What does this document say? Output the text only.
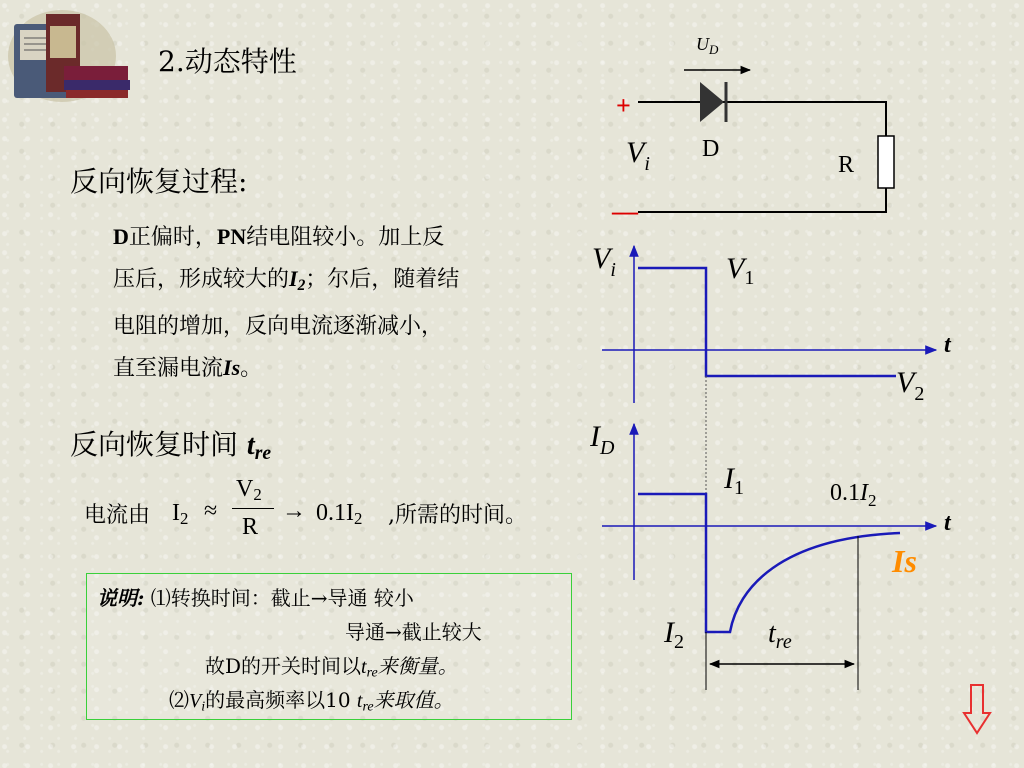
2.动态特性
反向恢复过程:
D正偏时，PN结电阻较小。加上反
压后，形成较大的$I_2$；尔后，随着结
电阻的增加，反向电流逐渐减小，
直至漏电流Is。
反向恢复时间 $t_{re}$
电流由 $I_2$ ≈
$V_2$
R
→ $0.1I_2$ ,所需的时间。
说明: ⑴转换时间：截止→导通 较小
导通→截止较大
故D的开关时间以$t_{re}$来衡量。
$⑵V_i$的最高频率以10 $t_{re}$来取值。
$U_D$
+
—
$V_i$
D
R
$V_i$	$V_1$
$V_2$
t
$I_D$
$I_1$
$I_2$	$t_{re}$
$0.1I_2$
Is
t
